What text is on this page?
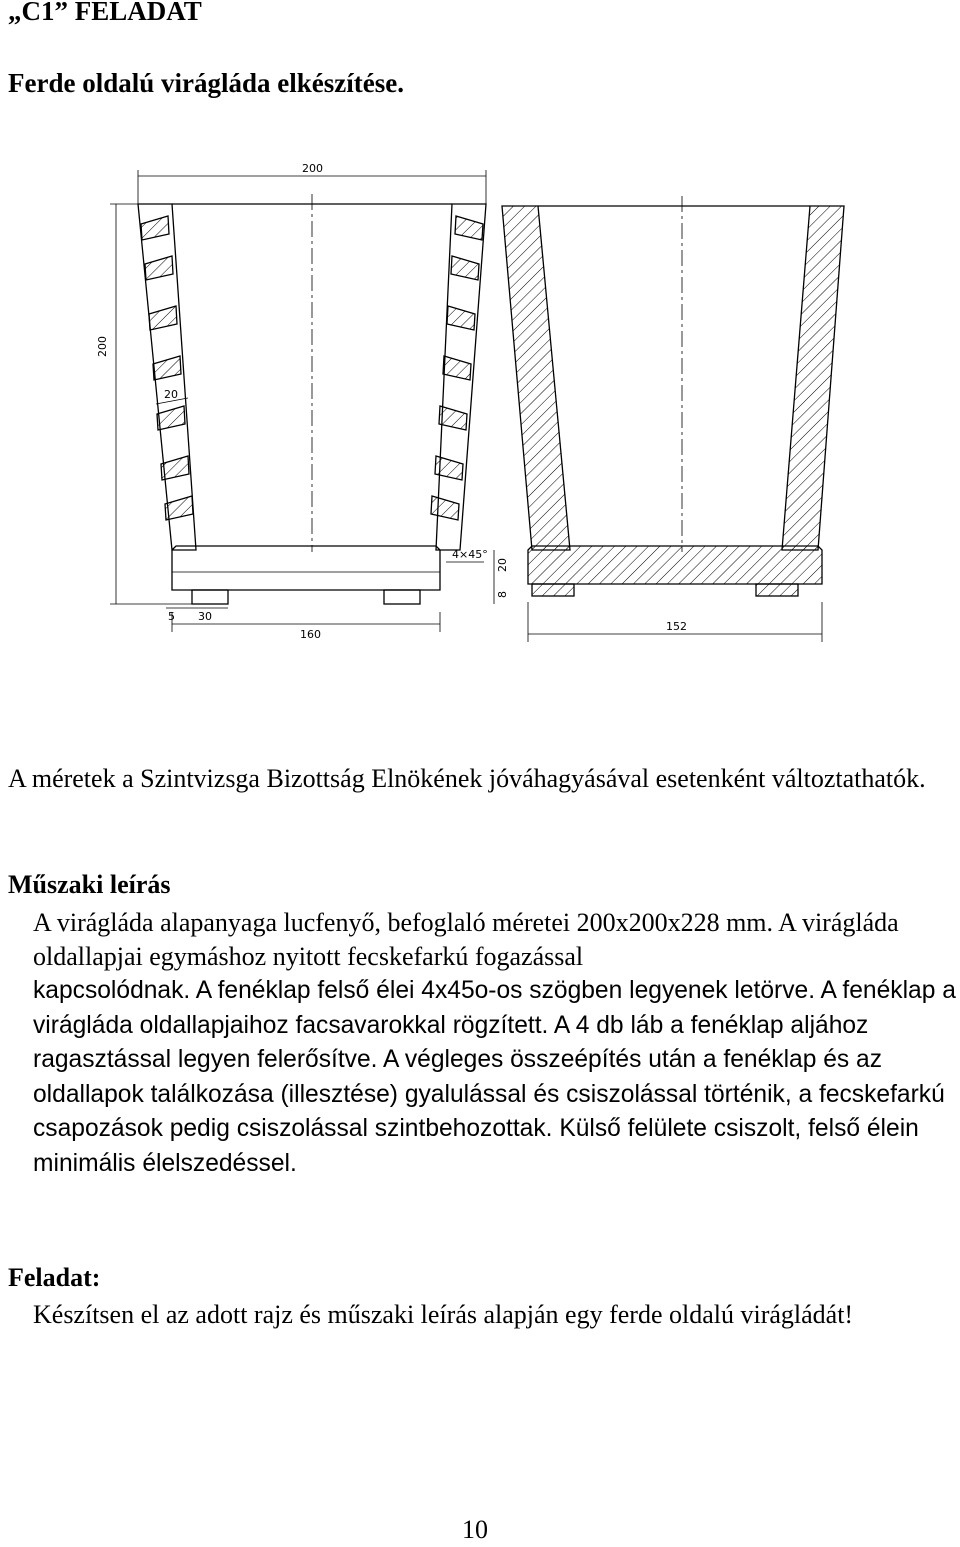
„C1” FELADAT

Ferde oldalú virágláda elkészítése.

200
200
20
4×45°
20
8
5 30
160
152

A méretek a Szintvizsga Bizottság Elnökének jóváhagyásával esetenként változtathatók.

Műszaki leírás

A virágláda alapanyaga lucfenyő, befoglaló méretei 200x200x228 mm. A virágláda oldallapjai egymáshoz nyitott fecskefarkú fogazással

kapcsolódnak. A fenéklap felső élei 4x45o-os szögben legyenek letörve. A fenéklap a virágláda oldallapjaihoz facsavarokkal rögzített. A 4 db láb a fenéklap aljához ragasztással legyen felerősítve. A végleges összeépítés után a fenéklap és az oldallapok találkozása (illesztése) gyalulással és csiszolással történik, a fecskefarkú csapozások pedig csiszolással szintbehozottak. Külső felülete csiszolt, felső élein minimális élelszedéssel.

Feladat:

Készítsen el az adott rajz és műszaki leírás alapján egy ferde oldalú virágládát!

10
